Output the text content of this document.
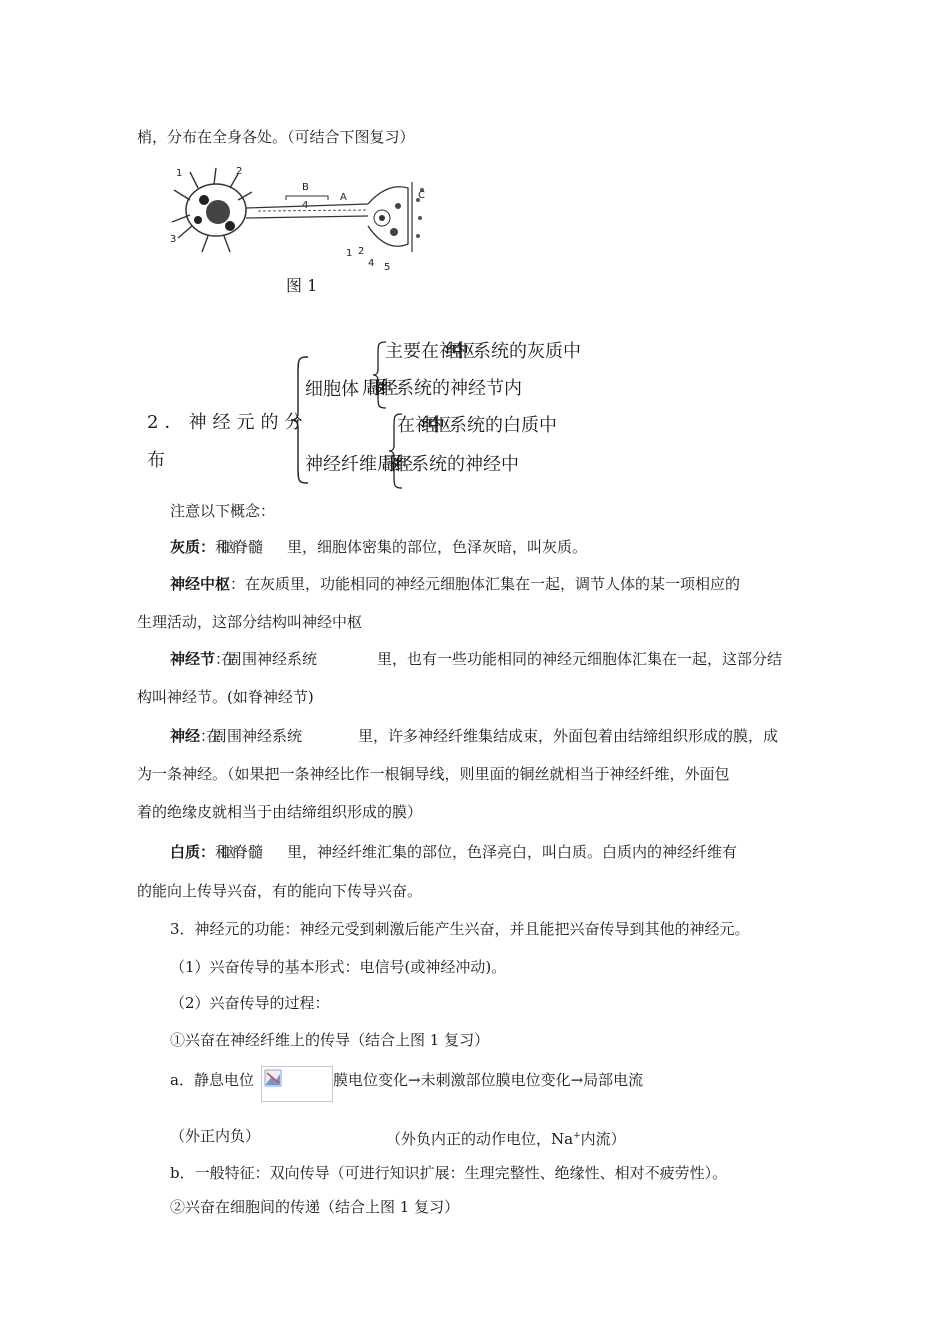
梢，分布在全身各处。（可结合下图复习）
1	2
3
B
4
A	C
1 2
4 5
图 1
2．神经元的分
布
细胞体
主要在神经中枢 系统的灰质中
周围神经 系统的神经节内
在神经中枢 系统的白质中
神经纤维周围神经 系统的神经中
注意以下概念：
灰质：和脑 脊髓 里，细胞体密集的部位，色泽灰暗，叫灰质。
神经中枢：在灰质里，功能相同的神经元细胞体汇集在一起，调节人体的某一项相应的
生理活动，这部分结构叫神经中枢
神经节：在周围神经系统	里，也有一些功能相同的神经元细胞体汇集在一起，这部分结
构叫神经节。(如脊神经节)
神经：在周围神经系统	里，许多神经纤维集结成束，外面包着由结缔组织形成的膜，成
为一条神经。（如果把一条神经比作一根铜导线，则里面的铜丝就相当于神经纤维，外面包
着的绝缘皮就相当于由结缔组织形成的膜）
白质：和脑 脊髓 里，神经纤维汇集的部位，色泽亮白，叫白质。白质内的神经纤维有
的能向上传导兴奋，有的能向下传导兴奋。
3．神经元的功能：神经元受到刺激后能产生兴奋，并且能把兴奋传导到其他的神经元。
（1）兴奋传导的基本形式：电信号(或神经冲动)。
（2）兴奋传导的过程：
①兴奋在神经纤维上的传导（结合上图 1 复习）
a．静息电位	膜电位变化→未刺激部位膜电位变化→局部电流
（外正内负）	（外负内正的动作电位，Na+内流）
b．一般特征：双向传导（可进行知识扩展：生理完整性、绝缘性、相对不疲劳性）。
②兴奋在细胞间的传递（结合上图 1 复习）
